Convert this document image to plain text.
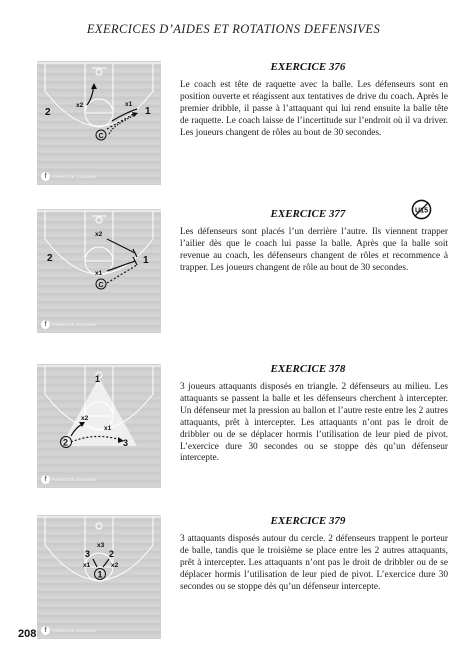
EXERCICES D’AIDES ET ROTATIONS DEFENSIVES
2
x2	x1
1
C
f	FORMATION COACHING
EXERCICE 376
Le coach est tête de raquette avec la balle. Les défenseurs sont en position ouverte et réagissent aux tentatives de drive du coach. Après le premier dribble, il passe à l’attaquant qui lui rend ensuite la balle tête de raquette. Le coach laisse de l’incertitude sur l’endroit où il va driver. Les joueurs changent de rôles au bout de 30 secondes.
x2
2
x1
1
C
f	FORMATION COACHING
EXERCICE 377	U15
Les défenseurs sont placés l’un derrière l’autre. Ils viennent trapper l’ailier dès que le coach lui passe la balle. Après que la balle soit revenue au coach, les défenseurs changent de rôles et recommence à trapper. Les joueurs changent de rôle au bout de 30 secondes.
1
x2
x1
2	3
f	FORMATION COACHING
EXERCICE 378
3 joueurs attaquants disposés en triangle. 2 défenseurs au milieu. Les attaquants se passent la balle et les défenseurs cherchent à intercepter. Un défenseur met la pression au ballon et l’autre reste entre les 2 autres attaquants, prêt à intercepter. Les attaquants n’ont pas le droit de dribbler ou de se déplacer hormis l’utilisation de leur pied de pivot. L’exercice dure 30 secondes ou se stoppe dès qu’un défenseur intercepte.
x3
3 2
x1	x2
1
f	FORMATION COACHING
EXERCICE 379
3 attaquants disposés autour du cercle. 2 défenseurs trappent le porteur de balle, tandis que le troisième se place entre les 2 autres attaquants, prêt à intercepter. Les attaquants n’ont pas le droit de dribbler ou de se déplacer hormis l’utilisation de leur pied de pivot. L’exercice dure 30 secondes ou se stoppe dès qu’un défenseur intercepte.
208
